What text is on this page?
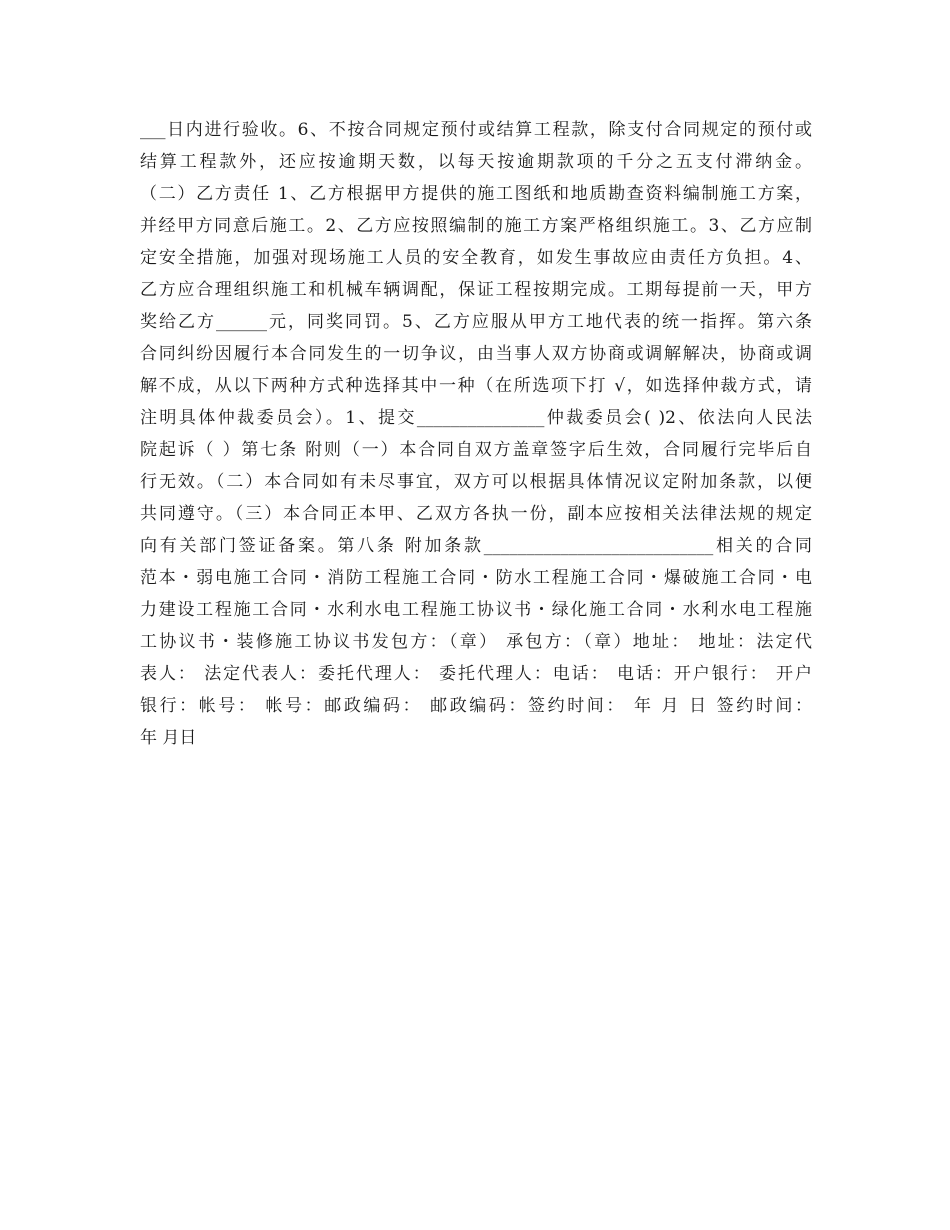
___日内进行验收。6、不按合同规定预付或结算工程款，除支付合同规定的预付或
结算工程款外，还应按逾期天数，以每天按逾期款项的千分之五支付滞纳金。
（二）乙方责任 1、乙方根据甲方提供的施工图纸和地质勘查资料编制施工方案，
并经甲方同意后施工。2、乙方应按照编制的施工方案严格组织施工。3、乙方应制
定安全措施，加强对现场施工人员的安全教育，如发生事故应由责任方负担。4、
乙方应合理组织施工和机械车辆调配，保证工程按期完成。工期每提前一天，甲方
奖给乙方______元，同奖同罚。5、乙方应服从甲方工地代表的统一指挥。第六条
合同纠纷因履行本合同发生的一切争议，由当事人双方协商或调解解决，协商或调
解不成，从以下两种方式种选择其中一种（在所选项下打 √，如选择仲裁方式，请
注明具体仲裁委员会）。1、提交_______________仲裁委员会( )2、依法向人民法
院起诉（ ）第七条 附则（一）本合同自双方盖章签字后生效，合同履行完毕后自
行无效。（二）本合同如有未尽事宜，双方可以根据具体情况议定附加条款，以便
共同遵守。（三）本合同正本甲、乙双方各执一份，副本应按相关法律法规的规定
向有关部门签证备案。第八条 附加条款___________________________相关的合同
范本・弱电施工合同・消防工程施工合同・防水工程施工合同・爆破施工合同・电
力建设工程施工合同・水利水电工程施工协议书・绿化施工合同・水利水电工程施
工协议书・装修施工协议书发包方：（章） 承包方：（章）地址： 地址：法定代
表人： 法定代表人：委托代理人： 委托代理人：电话： 电话：开户银行： 开户
银行：帐号： 帐号：邮政编码： 邮政编码：签约时间： 年 月 日 签约时间：
年 月日
